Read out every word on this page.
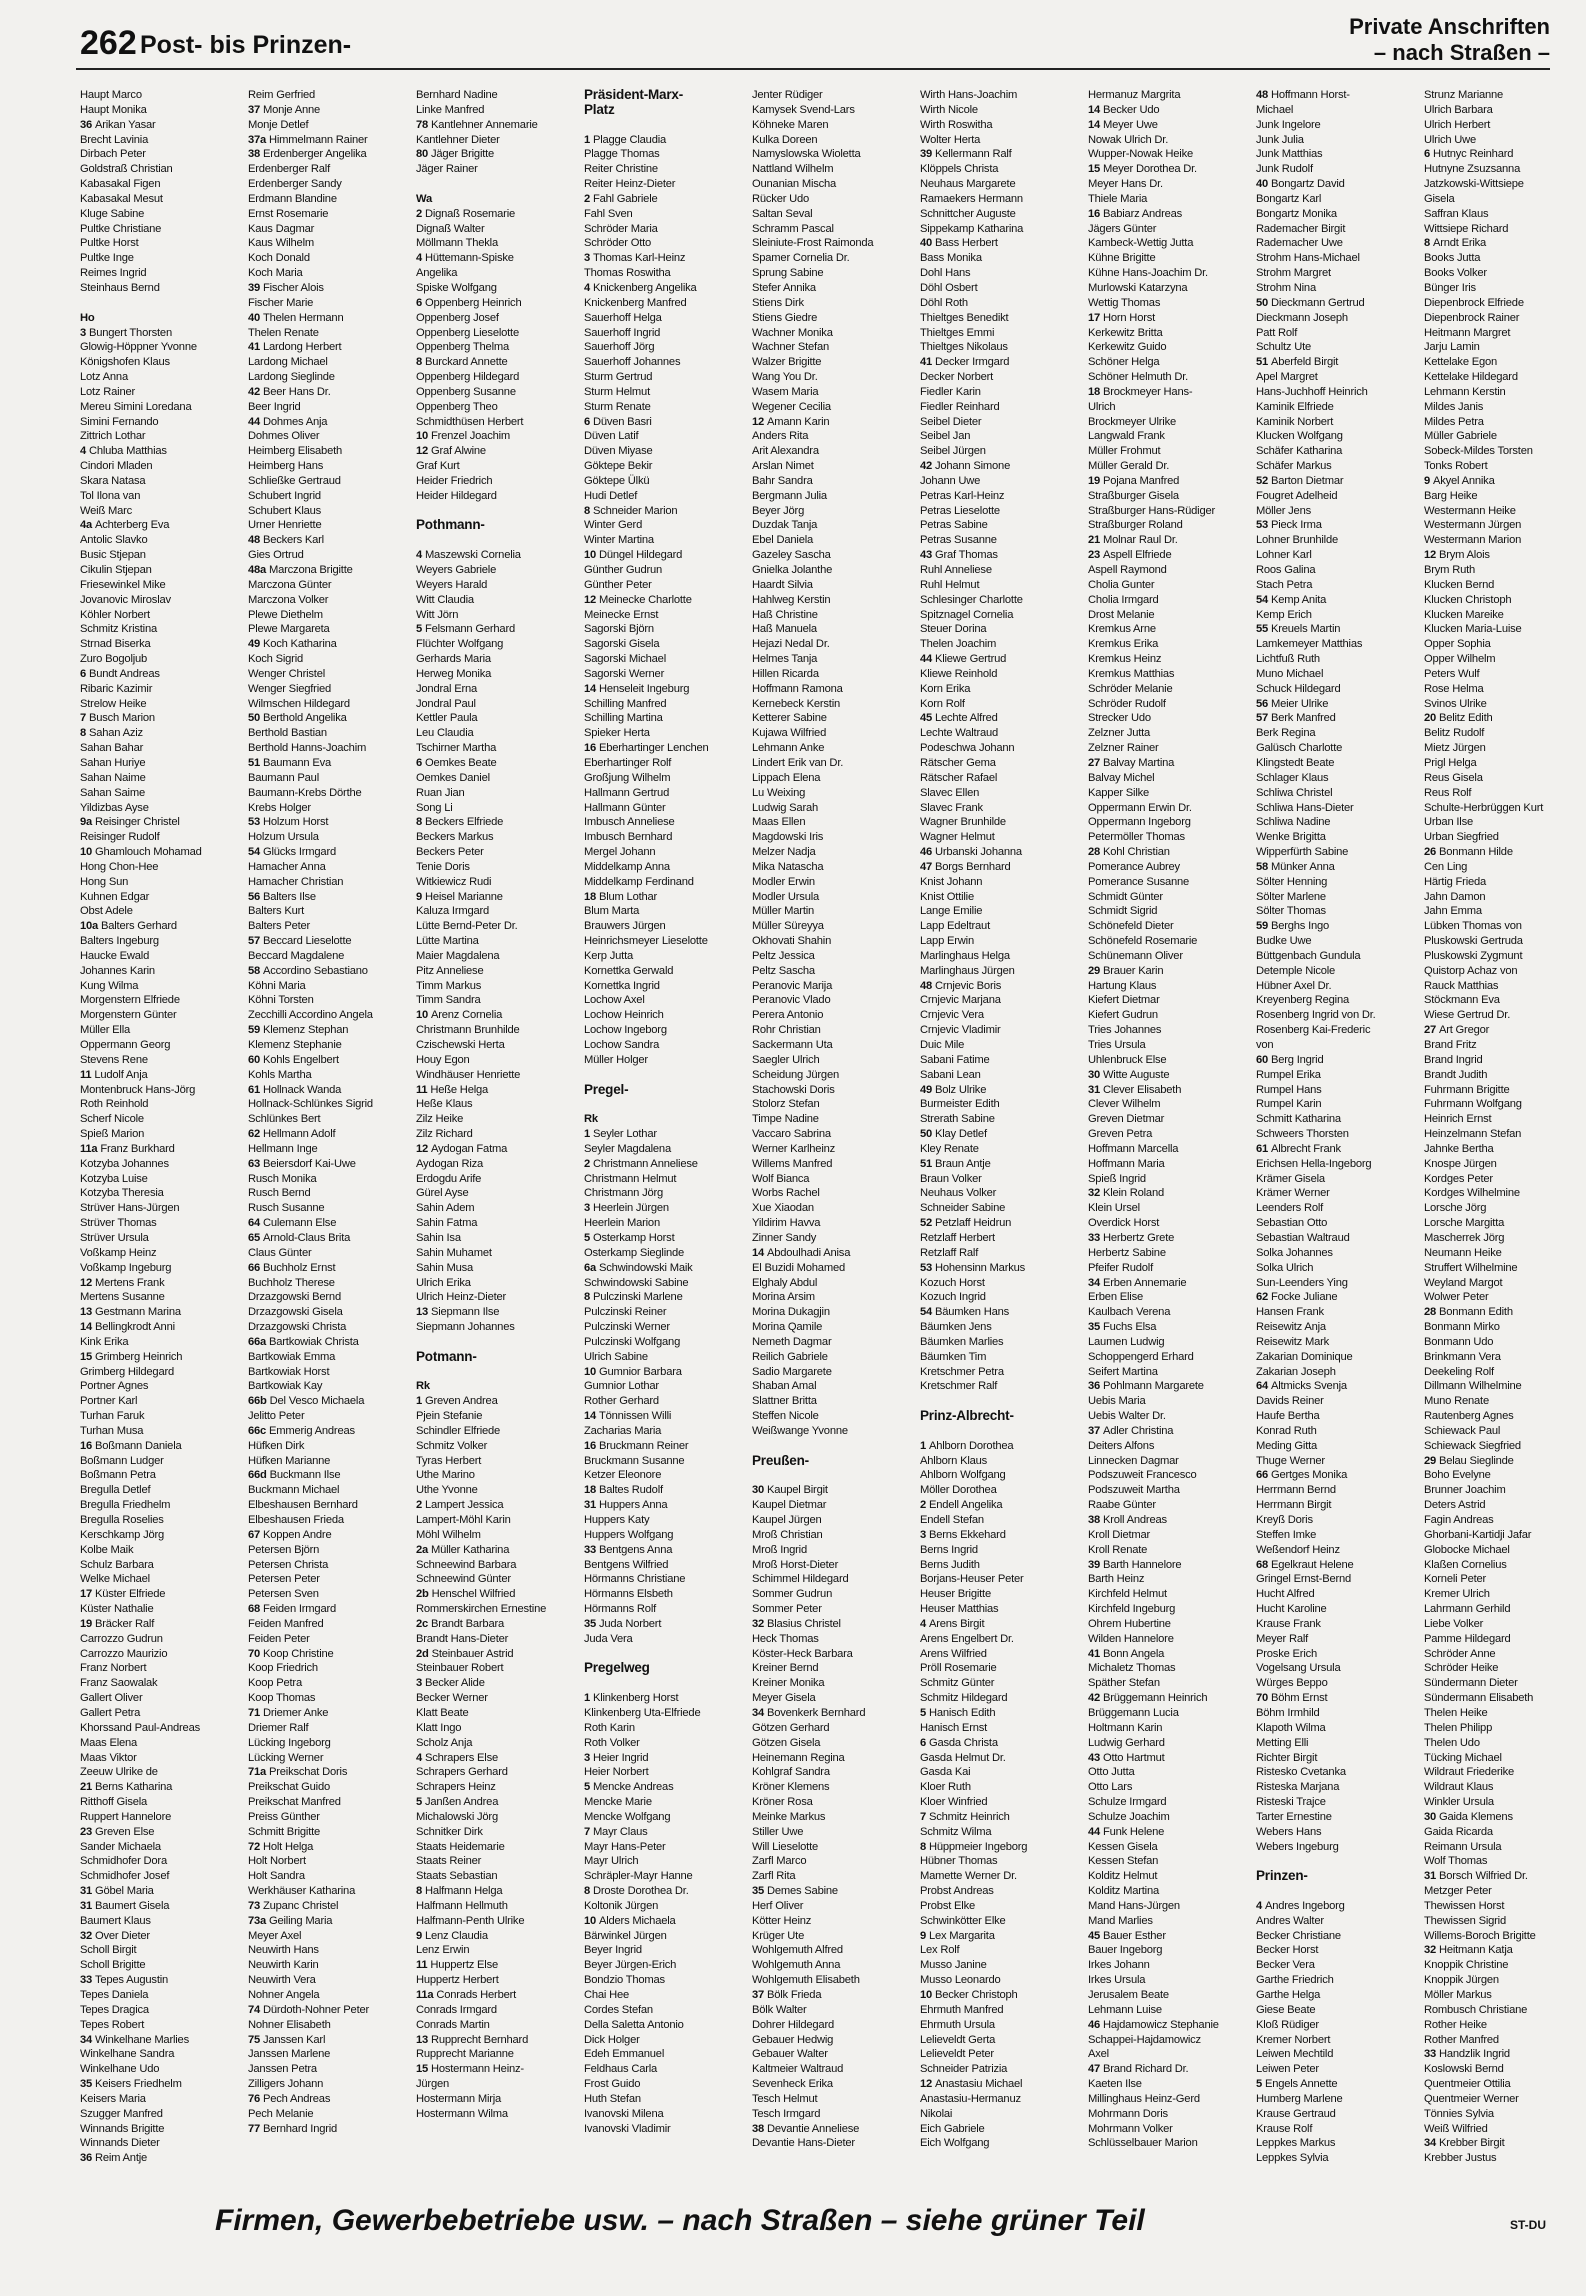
262 Post- bis Prinzen-
Private Anschriften
– nach Straßen –
Haupt Marco
Haupt Monika
36 Arikan Yasar
Brecht Lavinia
Dirbach Peter
Goldstraß Christian
Kabasakal Figen
Kabasakal Mesut
Kluge Sabine
Pultke Christiane
Pultke Horst
Pultke Inge
Reimes Ingrid
Steinhaus Bernd
Ho
3 Bungert Thorsten
Glowig-Höppner Yvonne
Königshofen Klaus
Lotz Anna
Lotz Rainer
Mereu Simini Loredana
Simini Fernando
Zittrich Lothar
4 Chluba Matthias
Cindori Mladen
Skara Natasa
Tol Ilona van
Weiß Marc
4a Achterberg Eva
Antolic Slavko
Busic Stjepan
Cikulin Stjepan
Friesewinkel Mike
Jovanovic Miroslav
Köhler Norbert
Schmitz Kristina
Strnad Biserka
Zuro Bogoljub
6 Bundt Andreas
Ribaric Kazimir
Strelow Heike
7 Busch Marion
8 Sahan Aziz
Sahan Bahar
Sahan Huriye
Sahan Naime
Sahan Saime
Yildizbas Ayse
9a Reisinger Christel
Reisinger Rudolf
10 Ghamlouch Mohamad
Hong Chon-Hee
Hong Sun
Kuhnen Edgar
Obst Adele
10a Balters Gerhard
Balters Ingeburg
Haucke Ewald
Johannes Karin
Kung Wilma
Morgenstern Elfriede
Morgenstern Günter
Müller Ella
Oppermann Georg
Stevens Rene
11 Ludolf Anja
Montenbruck Hans-Jörg
Roth Reinhold
Scherf Nicole
Spieß Marion
11a Franz Burkhard
Kotzyba Johannes
Kotzyba Luise
Kotzyba Theresia
Strüver Hans-Jürgen
Strüver Thomas
Strüver Ursula
Voßkamp Heinz
Voßkamp Ingeburg
12 Mertens Frank
Mertens Susanne
13 Gestmann Marina
14 Bellingkrodt Anni
Kink Erika
15 Grimberg Heinrich
Grimberg Hildegard
Portner Agnes
Portner Karl
Turhan Faruk
Turhan Musa
16 Boßmann Daniela
Boßmann Ludger
Boßmann Petra
Bregulla Detlef
Bregulla Friedhelm
Bregulla Roselies
Kerschkamp Jörg
Kolbe Maik
Schulz Barbara
Welke Michael
17 Küster Elfriede
Küster Nathalie
19 Bräcker Ralf
Carrozzo Gudrun
Carrozzo Maurizio
Franz Norbert
Franz Saowalak
Gallert Oliver
Gallert Petra
Khorssand Paul-Andreas
Maas Elena
Maas Viktor
Zeeuw Ulrike de
21 Berns Katharina
Ritthoff Gisela
Ruppert Hannelore
23 Greven Else
Sander Michaela
Schmidhofer Dora
Schmidhofer Josef
31 Göbel Maria
31 Baumert Gisela
Baumert Klaus
32 Over Dieter
Scholl Birgit
Scholl Brigitte
33 Tepes Augustin
Tepes Daniela
Tepes Dragica
Tepes Robert
34 Winkelhane Marlies
Winkelhane Sandra
Winkelhane Udo
35 Keisers Friedhelm
Keisers Maria
Szugger Manfred
Winnands Brigitte
Winnands Dieter
36 Reim Antje
Reim Gerfried
37 Monje Anne
Monje Detlef
37a Himmelmann Rainer
38 Erdenberger Angelika
Erdenberger Ralf
Erdenberger Sandy
Erdmann Blandine
Ernst Rosemarie
Kaus Dagmar
Kaus Wilhelm
Koch Donald
Koch Maria
39 Fischer Alois
Fischer Marie
40 Thelen Hermann
Thelen Renate
41 Lardong Herbert
Lardong Michael
Lardong Sieglinde
42 Beer Hans Dr.
Beer Ingrid
44 Dohmes Anja
Dohmes Oliver
Heimberg Elisabeth
Heimberg Hans
Schließke Gertraud
Schubert Ingrid
Schubert Klaus
Urner Henriette
48 Beckers Karl
Gies Ortrud
48a Marczona Brigitte
Marczona Günter
Marczona Volker
Plewe Diethelm
Plewe Margareta
49 Koch Katharina
Koch Sigrid
Wenger Christel
Wenger Siegfried
Wilmschen Hildegard
50 Berthold Angelika
Berthold Bastian
Berthold Hanns-Joachim
51 Baumann Eva
Baumann Paul
Baumann-Krebs Dörthe
Krebs Holger
53 Holzum Horst
Holzum Ursula
54 Glücks Irmgard
Hamacher Anna
Hamacher Christian
56 Balters Ilse
Balters Kurt
Balters Peter
57 Beccard Lieselotte
Beccard Magdalene
58 Accordino Sebastiano
Köhni Maria
Köhni Torsten
Zecchilli Accordino Angela
59 Klemenz Stephan
Klemenz Stephanie
60 Kohls Engelbert
Kohls Martha
61 Hollnack Wanda
Hollnack-Schlünkes Sigrid
Schlünkes Bert
62 Hellmann Adolf
Hellmann Inge
63 Beiersdorf Kai-Uwe
Rusch Monika
Rusch Bernd
Rusch Susanne
64 Culemann Else
65 Arnold-Claus Brita
Claus Günter
66 Buchholz Ernst
Buchholz Therese
Drzazgowski Bernd
Drzazgowski Gisela
Drzazgowski Christa
66a Bartkowiak Christa
Bartkowiak Emma
Bartkowiak Horst
Bartkowiak Kay
66b Del Vesco Michaela
Jelitto Peter
66c Emmerig Andreas
Hüfken Dirk
Hüfken Marianne
66d Buckmann Ilse
Buckmann Michael
Elbeshausen Bernhard
Elbeshausen Frieda
67 Koppen Andre
Petersen Björn
Petersen Christa
Petersen Peter
Petersen Sven
68 Feiden Irmgard
Feiden Manfred
Feiden Peter
70 Koop Christine
Koop Friedrich
Koop Petra
Koop Thomas
71 Driemer Anke
Driemer Ralf
Lücking Ingeborg
Lücking Werner
71a Preikschat Doris
Preikschat Guido
Preikschat Manfred
Preiss Günther
Schmitt Brigitte
72 Holt Helga
Holt Norbert
Holt Sandra
Werkhäuser Katharina
73 Zupanc Christel
73a Geiling Maria
Meyer Axel
Neuwirth Hans
Neuwirth Karin
Neuwirth Vera
Nohner Angela
74 Dürdoth-Nohner Peter
Nohner Elisabeth
75 Janssen Karl
Janssen Marlene
Janssen Petra
Zilligers Johann
76 Pech Andreas
Pech Melanie
77 Bernhard Ingrid
Bernhard Nadine
Linke Manfred
78 Kantlehner Annemarie
Kantlehner Dieter
80 Jäger Brigitte
Jäger Rainer
Wa
2 Dignaß Rosemarie
Dignaß Walter
Möllmann Thekla
4 Hüttemann-Spiske
Angelika
Spiske Wolfgang
6 Oppenberg Heinrich
Oppenberg Josef
Oppenberg Lieselotte
Oppenberg Thelma
8 Burckard Annette
Oppenberg Hildegard
Oppenberg Susanne
Oppenberg Theo
Schmidthüsen Herbert
10 Frenzel Joachim
12 Graf Alwine
Graf Kurt
Heider Friedrich
Heider Hildegard
Pothmann-
4 Maszewski Cornelia
Weyers Gabriele
Weyers Harald
Witt Claudia
Witt Jörn
5 Felsmann Gerhard
Flüchter Wolfgang
Gerhards Maria
Herweg Monika
Jondral Erna
Jondral Paul
Kettler Paula
Leu Claudia
Tschirner Martha
6 Oemkes Beate
Oemkes Daniel
Ruan Jian
Song Li
8 Beckers Elfriede
Beckers Markus
Beckers Peter
Tenie Doris
Witkiewicz Rudi
9 Heisel Marianne
Kaluza Irmgard
Lütte Bernd-Peter Dr.
Lütte Martina
Maier Magdalena
Pitz Anneliese
Timm Markus
Timm Sandra
10 Arenz Cornelia
Christmann Brunhilde
Czischewski Herta
Houy Egon
Windhäuser Henriette
11 Heße Helga
Heße Klaus
Zilz Heike
Zilz Richard
12 Aydogan Fatma
Aydogan Riza
Erdogdu Arife
Gürel Ayse
Sahin Adem
Sahin Fatma
Sahin Isa
Sahin Muhamet
Sahin Musa
Ulrich Erika
Ulrich Heinz-Dieter
13 Siepmann Ilse
Siepmann Johannes
Potmann-
Rk
1 Greven Andrea
Pjein Stefanie
Schindler Elfriede
Schmitz Volker
Tyras Herbert
Uthe Marino
Uthe Yvonne
2 Lampert Jessica
Lampert-Möhl Karin
Möhl Wilhelm
2a Müller Katharina
Schneewind Barbara
Schneewind Günter
2b Henschel Wilfried
Rommerskirchen Ernestine
2c Brandt Barbara
Brandt Hans-Dieter
2d Steinbauer Astrid
Steinbauer Robert
3 Becker Alide
Becker Werner
Klatt Beate
Klatt Ingo
Scholz Anja
4 Schrapers Else
Schrapers Gerhard
Schrapers Heinz
5 Janßen Andrea
Michalowski Jörg
Schnitker Dirk
Staats Heidemarie
Staats Reiner
Staats Sebastian
8 Halfmann Helga
Halfmann Hellmuth
Halfmann-Penth Ulrike
9 Lenz Claudia
Lenz Erwin
11 Huppertz Else
Huppertz Herbert
11a Conrads Herbert
Conrads Irmgard
Conrads Martin
13 Rupprecht Bernhard
Rupprecht Marianne
15 Hostermann Heinz-
Jürgen
Hostermann Mirja
Hostermann Wilma
Präsident-Marx-
Platz
1 Plagge Claudia
Plagge Thomas
Reiter Christine
Reiter Heinz-Dieter
2 Fahl Gabriele
Fahl Sven
Schröder Maria
Schröder Otto
3 Thomas Karl-Heinz
Thomas Roswitha
4 Knickenberg Angelika
Knickenberg Manfred
Sauerhoff Helga
Sauerhoff Ingrid
Sauerhoff Jörg
Sauerhoff Johannes
Sturm Gertrud
Sturm Helmut
Sturm Renate
6 Düven Basri
Düven Latif
Düven Miyase
Göktepe Bekir
Göktepe Ülkü
Hudi Detlef
8 Schneider Marion
Winter Gerd
Winter Martina
10 Düngel Hildegard
Günther Gudrun
Günther Peter
12 Meinecke Charlotte
Meinecke Ernst
Sagorski Björn
Sagorski Gisela
Sagorski Michael
Sagorski Werner
14 Henseleit Ingeburg
Schilling Manfred
Schilling Martina
Spieker Herta
16 Eberhartinger Lenchen
Eberhartinger Rolf
Großjung Wilhelm
Hallmann Gertrud
Hallmann Günter
Imbusch Anneliese
Imbusch Bernhard
Mergel Johann
Middelkamp Anna
Middelkamp Ferdinand
18 Blum Lothar
Blum Marta
Brauwers Jürgen
Heinrichsmeyer Lieselotte
Kerp Jutta
Kornettka Gerwald
Kornettka Ingrid
Lochow Axel
Lochow Heinrich
Lochow Ingeborg
Lochow Sandra
Müller Holger
Pregel-
Rk
1 Seyler Lothar
Seyler Magdalena
2 Christmann Anneliese
Christmann Helmut
Christmann Jörg
3 Heerlein Jürgen
Heerlein Marion
5 Osterkamp Horst
Osterkamp Sieglinde
6a Schwindowski Maik
Schwindowski Sabine
8 Pulczinski Marlene
Pulczinski Reiner
Pulczinski Werner
Pulczinski Wolfgang
Ulrich Sabine
10 Gumnior Barbara
Gumnior Lothar
Rother Gerhard
14 Tönnissen Willi
Zacharias Maria
16 Bruckmann Reiner
Bruckmann Susanne
Ketzer Eleonore
18 Baltes Rudolf
31 Huppers Anna
Huppers Katy
Huppers Wolfgang
33 Bentgens Anna
Bentgens Wilfried
Hörmanns Christiane
Hörmanns Elsbeth
Hörmanns Rolf
35 Juda Norbert
Juda Vera
Pregelweg
1 Klinkenberg Horst
Klinkenberg Uta-Elfriede
Roth Karin
Roth Volker
3 Heier Ingrid
Heier Norbert
5 Mencke Andreas
Mencke Marie
Mencke Wolfgang
7 Mayr Claus
Mayr Hans-Peter
Mayr Ulrich
Schräpler-Mayr Hanne
8 Droste Dorothea Dr.
Koltonik Jürgen
10 Alders Michaela
Bärwinkel Jürgen
Beyer Ingrid
Beyer Jürgen-Erich
Bondzio Thomas
Chai Hee
Cordes Stefan
Della Saletta Antonio
Dick Holger
Edeh Emmanuel
Feldhaus Carla
Frost Guido
Huth Stefan
Ivanovski Milena
Ivanovski Vladimir
Jenter Rüdiger
Kamysek Svend-Lars
Köhneke Maren
Kulka Doreen
Namyslowska Wioletta
Nattland Wilhelm
Ounanian Mischa
Rücker Udo
Saltan Seval
Schramm Pascal
Sleiniute-Frost Raimonda
Spamer Cornelia Dr.
Sprung Sabine
Stefer Annika
Stiens Dirk
Stiens Giedre
Wachner Monika
Wachner Stefan
Walzer Brigitte
Wang You Dr.
Wasem Maria
Wegener Cecilia
12 Amann Karin
Anders Rita
Arit Alexandra
Arslan Nimet
Bahr Sandra
Bergmann Julia
Beyer Jörg
Duzdak Tanja
Ebel Daniela
Gazeley Sascha
Gnielka Jolanthe
Haardt Silvia
Hahlweg Kerstin
Haß Christine
Haß Manuela
Hejazi Nedal Dr.
Helmes Tanja
Hillen Ricarda
Hoffmann Ramona
Kernebeck Kerstin
Ketterer Sabine
Kujawa Wilfried
Lehmann Anke
Lindert Erik van Dr.
Lippach Elena
Lu Weixing
Ludwig Sarah
Maas Ellen
Magdowski Iris
Melzer Nadja
Mika Natascha
Modler Erwin
Modler Ursula
Müller Martin
Müller Süreyya
Okhovati Shahin
Peltz Jessica
Peltz Sascha
Peranovic Marija
Peranovic Vlado
Perera Antonio
Rohr Christian
Sackermann Uta
Saegler Ulrich
Scheidung Jürgen
Stachowski Doris
Stolorz Stefan
Timpe Nadine
Vaccaro Sabrina
Werner Karlheinz
Willems Manfred
Wolf Bianca
Worbs Rachel
Xue Xiaodan
Yildirim Havva
Zinner Sandy
14 Abdoulhadi Anisa
El Buzidi Mohamed
Elghaly Abdul
Morina Arsim
Morina Dukagjin
Morina Qamile
Nemeth Dagmar
Reilich Gabriele
Sadio Margarete
Shaban Amal
Slattner Britta
Steffen Nicole
Weißwange Yvonne
Preußen-
30 Kaupel Birgit
Kaupel Dietmar
Kaupel Jürgen
Mroß Christian
Mroß Ingrid
Mroß Horst-Dieter
Schimmel Hildegard
Sommer Gudrun
Sommer Peter
32 Blasius Christel
Heck Thomas
Köster-Heck Barbara
Kreiner Bernd
Kreiner Monika
Meyer Gisela
34 Bovenkerk Bernhard
Götzen Gerhard
Götzen Gisela
Heinemann Regina
Kohlgraf Sandra
Kröner Klemens
Kröner Rosa
Meinke Markus
Stiller Uwe
Will Lieselotte
Zarfl Marco
Zarfl Rita
35 Demes Sabine
Herf Oliver
Kötter Heinz
Krüger Ute
Wohlgemuth Alfred
Wohlgemuth Anna
Wohlgemuth Elisabeth
37 Bölk Frieda
Bölk Walter
Dohrer Hildegard
Gebauer Hedwig
Gebauer Walter
Kaltmeier Waltraud
Sevenheck Erika
Tesch Helmut
Tesch Irmgard
38 Devantie Anneliese
Devantie Hans-Dieter
Wirth Hans-Joachim
Wirth Nicole
Wirth Roswitha
Wolter Herta
39 Kellermann Ralf
Klöppels Christa
Neuhaus Margarete
Ramaekers Hermann
Schnittcher Auguste
Sippekamp Katharina
40 Bass Herbert
Bass Monika
Dohl Hans
Döhl Osbert
Döhl Roth
Thieltges Benedikt
Thieltges Emmi
Thieltges Nikolaus
41 Decker Irmgard
Decker Norbert
Fiedler Karin
Fiedler Reinhard
Seibel Dieter
Seibel Jan
Seibel Jürgen
42 Johann Simone
Johann Uwe
Petras Karl-Heinz
Petras Lieselotte
Petras Sabine
Petras Susanne
43 Graf Thomas
Ruhl Anneliese
Ruhl Helmut
Schlesinger Charlotte
Spitznagel Cornelia
Steuer Dorina
Thelen Joachim
44 Kliewe Gertrud
Kliewe Reinhold
Korn Erika
Korn Rolf
45 Lechte Alfred
Lechte Waltraud
Podeschwa Johann
Rätscher Gema
Rätscher Rafael
Slavec Ellen
Slavec Frank
Wagner Brunhilde
Wagner Helmut
46 Urbanski Johanna
47 Borgs Bernhard
Knist Johann
Knist Ottilie
Lange Emilie
Lapp Edeltraut
Lapp Erwin
Marlinghaus Helga
Marlinghaus Jürgen
48 Crnjevic Boris
Crnjevic Marjana
Crnjevic Vera
Crnjevic Vladimir
Duic Mile
Sabani Fatime
Sabani Lean
49 Bolz Ulrike
Burmeister Edith
Strerath Sabine
50 Klay Detlef
Kley Renate
51 Braun Antje
Braun Volker
Neuhaus Volker
Schneider Sabine
52 Petzlaff Heidrun
Retzlaff Herbert
Retzlaff Ralf
53 Hohensinn Markus
Kozuch Horst
Kozuch Ingrid
54 Bäumken Hans
Bäumken Jens
Bäumken Marlies
Bäumken Tim
Kretschmer Petra
Kretschmer Ralf
Prinz-Albrecht-
1 Ahlborn Dorothea
Ahlborn Klaus
Ahlborn Wolfgang
Möller Dorothea
2 Endell Angelika
Endell Stefan
3 Berns Ekkehard
Berns Ingrid
Berns Judith
Borjans-Heuser Peter
Heuser Brigitte
Heuser Matthias
4 Arens Birgit
Arens Engelbert Dr.
Arens Wilfried
Pröll Rosemarie
Schmitz Günter
Schmitz Hildegard
5 Hanisch Edith
Hanisch Ernst
6 Gasda Christa
Gasda Helmut Dr.
Gasda Kai
Kloer Ruth
Kloer Winfried
7 Schmitz Heinrich
Schmitz Wilma
8 Hüppmeier Ingeborg
Hübner Thomas
Mamette Werner Dr.
Probst Andreas
Probst Elke
Schwinkötter Elke
9 Lex Margarita
Lex Rolf
Musso Janine
Musso Leonardo
10 Becker Christoph
Ehrmuth Manfred
Ehrmuth Ursula
Lelieveldt Gerta
Lelieveldt Peter
Schneider Patrizia
12 Anastasiu Michael
Anastasiu-Hermanuz
Nikolai
Eich Gabriele
Eich Wolfgang
Hermanuz Margrita
14 Becker Udo
14 Meyer Uwe
Nowak Ulrich Dr.
Wupper-Nowak Heike
15 Meyer Dorothea Dr.
Meyer Hans Dr.
Thiele Maria
16 Babiarz Andreas
Jägers Günter
Kambeck-Wettig Jutta
Kühne Brigitte
Kühne Hans-Joachim Dr.
Murlowski Katarzyna
Wettig Thomas
17 Horn Horst
Kerkewitz Britta
Kerkewitz Guido
Schöner Helga
Schöner Helmuth Dr.
18 Brockmeyer Hans-
Ulrich
Brockmeyer Ulrike
Langwald Frank
Müller Frohmut
Müller Gerald Dr.
19 Pojana Manfred
Straßburger Gisela
Straßburger Hans-Rüdiger
Straßburger Roland
21 Molnar Raul Dr.
23 Aspell Elfriede
Aspell Raymond
Cholia Gunter
Cholia Irmgard
Drost Melanie
Kremkus Arne
Kremkus Erika
Kremkus Heinz
Kremkus Matthias
Schröder Melanie
Schröder Rudolf
Strecker Udo
Zelzner Jutta
Zelzner Rainer
27 Balvay Martina
Balvay Michel
Kapper Silke
Oppermann Erwin Dr.
Oppermann Ingeborg
Petermöller Thomas
28 Kohl Christian
Pomerance Aubrey
Pomerance Susanne
Schmidt Günter
Schmidt Sigrid
Schönefeld Dieter
Schönefeld Rosemarie
Schünemann Oliver
29 Brauer Karin
Hartung Klaus
Kiefert Dietmar
Kiefert Gudrun
Tries Johannes
Tries Ursula
Uhlenbruck Else
30 Witte Auguste
31 Clever Elisabeth
Clever Wilhelm
Greven Dietmar
Greven Petra
Hoffmann Marcella
Hoffmann Maria
Spieß Ingrid
32 Klein Roland
Klein Ursel
Overdick Horst
33 Herbertz Grete
Herbertz Sabine
Pfeifer Rudolf
34 Erben Annemarie
Erben Elise
Kaulbach Verena
35 Fuchs Elsa
Laumen Ludwig
Schoppengerd Erhard
Seifert Martina
36 Pohlmann Margarete
Uebis Maria
Uebis Walter Dr.
37 Adler Christina
Deiters Alfons
Linnecken Dagmar
Podszuweit Francesco
Podszuweit Martha
Raabe Günter
38 Kroll Andreas
Kroll Dietmar
Kroll Renate
39 Barth Hannelore
Barth Heinz
Kirchfeld Helmut
Kirchfeld Ingeburg
Ohrem Hubertine
Wilden Hannelore
41 Bonn Angela
Michaletz Thomas
Späther Stefan
42 Brüggemann Heinrich
Brüggemann Lucia
Holtmann Karin
Ludwig Gerhard
43 Otto Hartmut
Otto Jutta
Otto Lars
Schulze Irmgard
Schulze Joachim
44 Funk Helene
Kessen Gisela
Kessen Stefan
Kolditz Helmut
Kolditz Martina
Mand Hans-Jürgen
Mand Marlies
45 Bauer Esther
Bauer Ingeborg
Irkes Johann
Irkes Ursula
Jerusalem Beate
Lehmann Luise
46 Hajdamowicz Stephanie
Schappei-Hajdamowicz
Axel
47 Brand Richard Dr.
Kaeten Ilse
Millinghaus Heinz-Gerd
Mohrmann Doris
Mohrmann Volker
Schlüsselbauer Marion
48 Hoffmann Horst-
Michael
Junk Ingelore
Junk Julia
Junk Matthias
Junk Rudolf
40 Bongartz David
Bongartz Karl
Bongartz Monika
Rademacher Birgit
Rademacher Uwe
Strohm Hans-Michael
Strohm Margret
Strohm Nina
50 Dieckmann Gertrud
Dieckmann Joseph
Patt Rolf
Schultz Ute
51 Aberfeld Birgit
Apel Margret
Hans-Juchhoff Heinrich
Kaminik Elfriede
Kaminik Norbert
Klucken Wolfgang
Schäfer Katharina
Schäfer Markus
52 Barton Dietmar
Fougret Adelheid
Möller Jens
53 Pieck Irma
Lohner Brunhilde
Lohner Karl
Roos Galina
Stach Petra
54 Kemp Anita
Kemp Erich
55 Kreuels Martin
Lamkemeyer Matthias
Lichtfuß Ruth
Muno Michael
Schuck Hildegard
56 Meier Ulrike
57 Berk Manfred
Berk Regina
Galüsch Charlotte
Klingstedt Beate
Schlager Klaus
Schliwa Christel
Schliwa Hans-Dieter
Schliwa Nadine
Wenke Brigitta
Wipperfürth Sabine
58 Münker Anna
Sölter Henning
Sölter Marlene
Sölter Thomas
59 Berghs Ingo
Budke Uwe
Büttgenbach Gundula
Detemple Nicole
Hübner Axel Dr.
Kreyenberg Regina
Rosenberg Ingrid von Dr.
Rosenberg Kai-Frederic
von
60 Berg Ingrid
Rumpel Erika
Rumpel Hans
Rumpel Karin
Schmitt Katharina
Schweers Thorsten
61 Albrecht Frank
Erichsen Hella-Ingeborg
Krämer Gisela
Krämer Werner
Leenders Rolf
Sebastian Otto
Sebastian Waltraud
Solka Johannes
Solka Ulrich
Sun-Leenders Ying
62 Focke Juliane
Hansen Frank
Reisewitz Anja
Reisewitz Mark
Zakarian Dominique
Zakarian Joseph
64 Altmicks Svenja
Davids Reiner
Haufe Bertha
Konrad Ruth
Meding Gitta
Thuge Werner
66 Gertges Monika
Herrmann Bernd
Herrmann Birgit
Kreyß Doris
Steffen Imke
Weßendorf Heinz
68 Egelkraut Helene
Gringel Ernst-Bernd
Hucht Alfred
Hucht Karoline
Krause Frank
Meyer Ralf
Proske Erich
Vogelsang Ursula
Würges Beppo
70 Böhm Ernst
Böhm Irmhild
Klapoth Wilma
Metting Elli
Richter Birgit
Ristesko Cvetanka
Risteska Marjana
Risteski Trajce
Tarter Ernestine
Webers Hans
Webers Ingeburg
Prinzen-
4 Andres Ingeborg
Andres Walter
Becker Christiane
Becker Horst
Becker Vera
Garthe Friedrich
Garthe Helga
Giese Beate
Kloß Rüdiger
Kremer Norbert
Leiwen Mechtild
Leiwen Peter
5 Engels Annette
Humberg Marlene
Krause Gertraud
Krause Rolf
Leppkes Markus
Leppkes Sylvia
Strunz Marianne
Ulrich Barbara
Ulrich Herbert
Ulrich Uwe
6 Hutnyc Reinhard
Hutnyne Zsuzsanna
Jatzkowski-Wittsiepe
Gisela
Saffran Klaus
Wittsiepe Richard
8 Arndt Erika
Books Jutta
Books Volker
Bünger Iris
Diepenbrock Elfriede
Diepenbrock Rainer
Heitmann Margret
Jarju Lamin
Kettelake Egon
Kettelake Hildegard
Lehmann Kerstin
Mildes Janis
Mildes Petra
Müller Gabriele
Sobeck-Mildes Torsten
Tonks Robert
9 Akyel Annika
Barg Heike
Westermann Heike
Westermann Jürgen
Westermann Marion
12 Brym Alois
Brym Ruth
Klucken Bernd
Klucken Christoph
Klucken Mareike
Klucken Maria-Luise
Opper Sophia
Opper Wilhelm
Peters Wulf
Rose Helma
Svinos Ulrike
20 Belitz Edith
Belitz Rudolf
Mietz Jürgen
Prigl Helga
Reus Gisela
Reus Rolf
Schulte-Herbrüggen Kurt
Urban Ilse
Urban Siegfried
26 Bonmann Hilde
Cen Ling
Härtig Frieda
Jahn Damon
Jahn Emma
Lübken Thomas von
Pluskowski Gertruda
Pluskowski Zygmunt
Quistorp Achaz von
Rauck Matthias
Stöckmann Eva
Wiese Gertrud Dr.
27 Art Gregor
Brand Fritz
Brand Ingrid
Brandt Judith
Fuhrmann Brigitte
Fuhrmann Wolfgang
Heinrich Ernst
Heinzelmann Stefan
Jahnke Bertha
Knospe Jürgen
Kordges Peter
Kordges Wilhelmine
Lorsche Jörg
Lorsche Margitta
Mascherrek Jörg
Neumann Heike
Struffert Wilhelmine
Weyland Margot
Wolwer Peter
28 Bonmann Edith
Bonmann Mirko
Bonmann Udo
Brinkmann Vera
Deekeling Rolf
Dillmann Wilhelmine
Muno Renate
Rautenberg Agnes
Schiewack Paul
Schiewack Siegfried
29 Belau Sieglinde
Boho Evelyne
Brunner Joachim
Deters Astrid
Fagin Andreas
Ghorbani-Kartidji Jafar
Globocke Michael
Klaßen Cornelius
Korneli Peter
Kremer Ulrich
Lahrmann Gerhild
Liebe Volker
Pamme Hildegard
Schröder Anne
Schröder Heike
Sündermann Dieter
Sündermann Elisabeth
Thelen Heike
Thelen Philipp
Thelen Udo
Tücking Michael
Wildraut Friederike
Wildraut Klaus
Winkler Ursula
30 Gaida Klemens
Gaida Ricarda
Reimann Ursula
Wolf Thomas
31 Borsch Wilfried Dr.
Metzger Peter
Thewissen Horst
Thewissen Sigrid
Willems-Boroch Brigitte
32 Heitmann Katja
Knoppik Christine
Knoppik Jürgen
Möller Markus
Rombusch Christiane
Rother Heike
Rother Manfred
33 Handzlik Ingrid
Koslowski Bernd
Quentmeier Ottilia
Quentmeier Werner
Tönnies Sylvia
Weiß Wilfried
34 Krebber Birgit
Krebber Justus
Firmen, Gewerbebetriebe usw. – nach Straßen – siehe grüner Teil	ST-DU
